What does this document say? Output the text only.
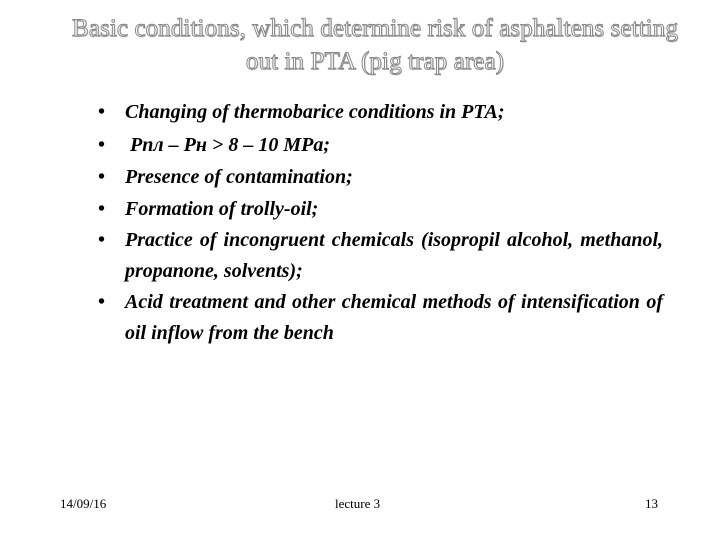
Basic conditions, which determine risk of asphaltens setting out in PTA (pig trap area)
• Changing of thermobarice conditions in PTA;
• Рпл – Рн > 8 – 10 MPa;
• Presence of contamination;
• Formation of trolly-oil;
• Practice of incongruent chemicals (isopropil alcohol, methanol, propanone, solvents);
• Acid treatment and other chemical methods of intensification of oil inflow from the bench
14/09/16	lecture 3	13
